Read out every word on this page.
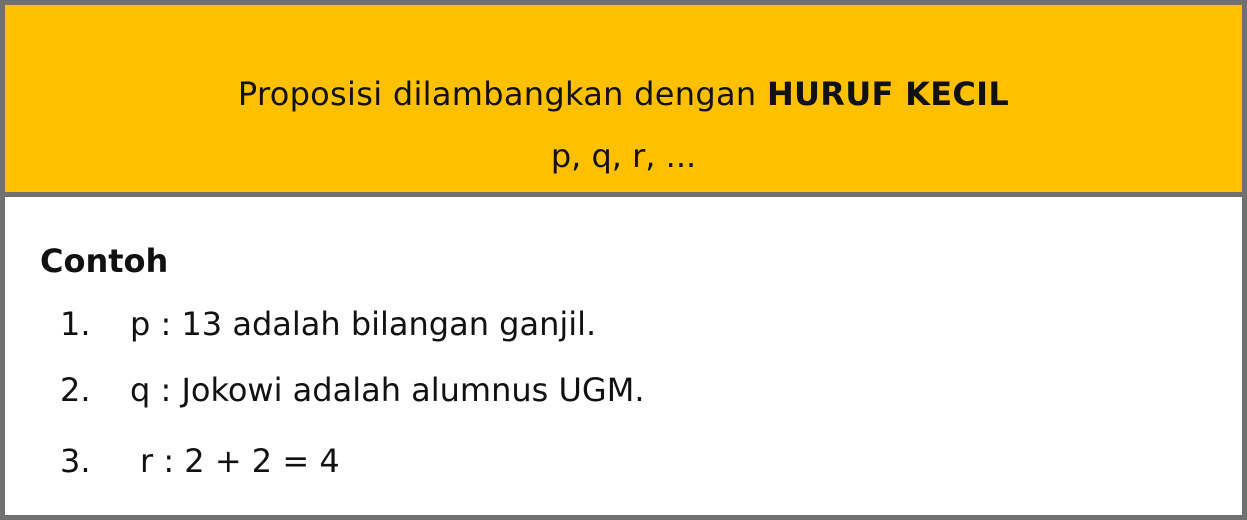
Proposisi dilambangkan dengan HURUF KECIL
p, q, r, ...
Contoh
1. p : 13 adalah bilangan ganjil.
2. q : Jokowi adalah alumnus UGM.
3. r : 2 + 2 = 4
